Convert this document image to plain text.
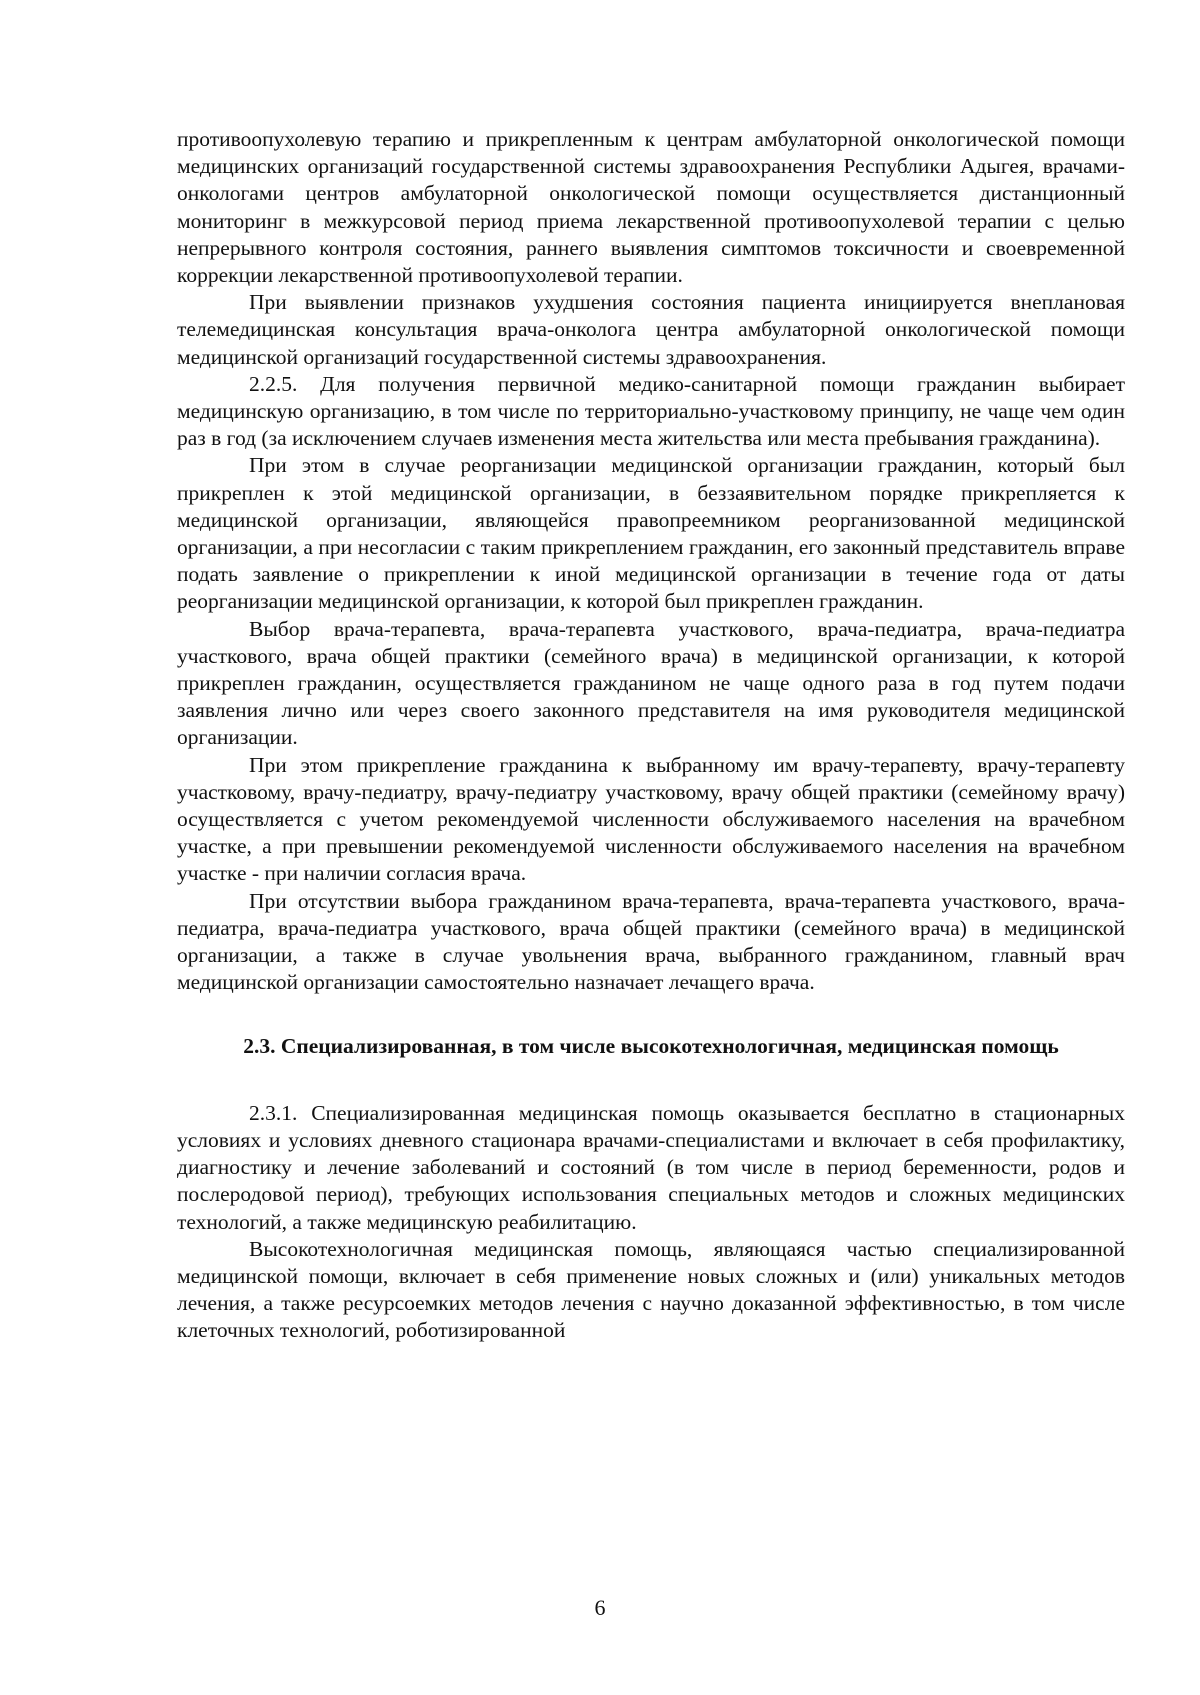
противоопухолевую терапию и прикрепленным к центрам амбулаторной онкологической помощи медицинских организаций государственной системы здравоохранения Республики Адыгея, врачами-онкологами центров амбулаторной онкологической помощи осуществляется дистанционный мониторинг в межкурсовой период приема лекарственной противоопухолевой терапии с целью непрерывного контроля состояния, раннего выявления симптомов токсичности и своевременной коррекции лекарственной противоопухолевой терапии.

При выявлении признаков ухудшения состояния пациента инициируется внеплановая телемедицинская консультация врача-онколога центра амбулаторной онкологической помощи медицинской организаций государственной системы здравоохранения.

2.2.5. Для получения первичной медико-санитарной помощи гражданин выбирает медицинскую организацию, в том числе по территориально-участковому принципу, не чаще чем один раз в год (за исключением случаев изменения места жительства или места пребывания гражданина).

При этом в случае реорганизации медицинской организации гражданин, который был прикреплен к этой медицинской организации, в беззаявительном порядке прикрепляется к медицинской организации, являющейся правопреемником реорганизованной медицинской организации, а при несогласии с таким прикреплением гражданин, его законный представитель вправе подать заявление о прикреплении к иной медицинской организации в течение года от даты реорганизации медицинской организации, к которой был прикреплен гражданин.

Выбор врача-терапевта, врача-терапевта участкового, врача-педиатра, врача-педиатра участкового, врача общей практики (семейного врача) в медицинской организации, к которой прикреплен гражданин, осуществляется гражданином не чаще одного раза в год путем подачи заявления лично или через своего законного представителя на имя руководителя медицинской организации.

При этом прикрепление гражданина к выбранному им врачу-терапевту, врачу-терапевту участковому, врачу-педиатру, врачу-педиатру участковому, врачу общей практики (семейному врачу) осуществляется с учетом рекомендуемой численности обслуживаемого населения на врачебном участке, а при превышении рекомендуемой численности обслуживаемого населения на врачебном участке - при наличии согласия врача.

При отсутствии выбора гражданином врача-терапевта, врача-терапевта участкового, врача-педиатра, врача-педиатра участкового, врача общей практики (семейного врача) в медицинской организации, а также в случае увольнения врача, выбранного гражданином, главный врач медицинской организации самостоятельно назначает лечащего врача.

2.3. Специализированная, в том числе высокотехнологичная, медицинская помощь

2.3.1. Специализированная медицинская помощь оказывается бесплатно в стационарных условиях и условиях дневного стационара врачами-специалистами и включает в себя профилактику, диагностику и лечение заболеваний и состояний (в том числе в период беременности, родов и послеродовой период), требующих использования специальных методов и сложных медицинских технологий, а также медицинскую реабилитацию.

Высокотехнологичная медицинская помощь, являющаяся частью специализированной медицинской помощи, включает в себя применение новых сложных и (или) уникальных методов лечения, а также ресурсоемких методов лечения с научно доказанной эффективностью, в том числе клеточных технологий, роботизированной

6
